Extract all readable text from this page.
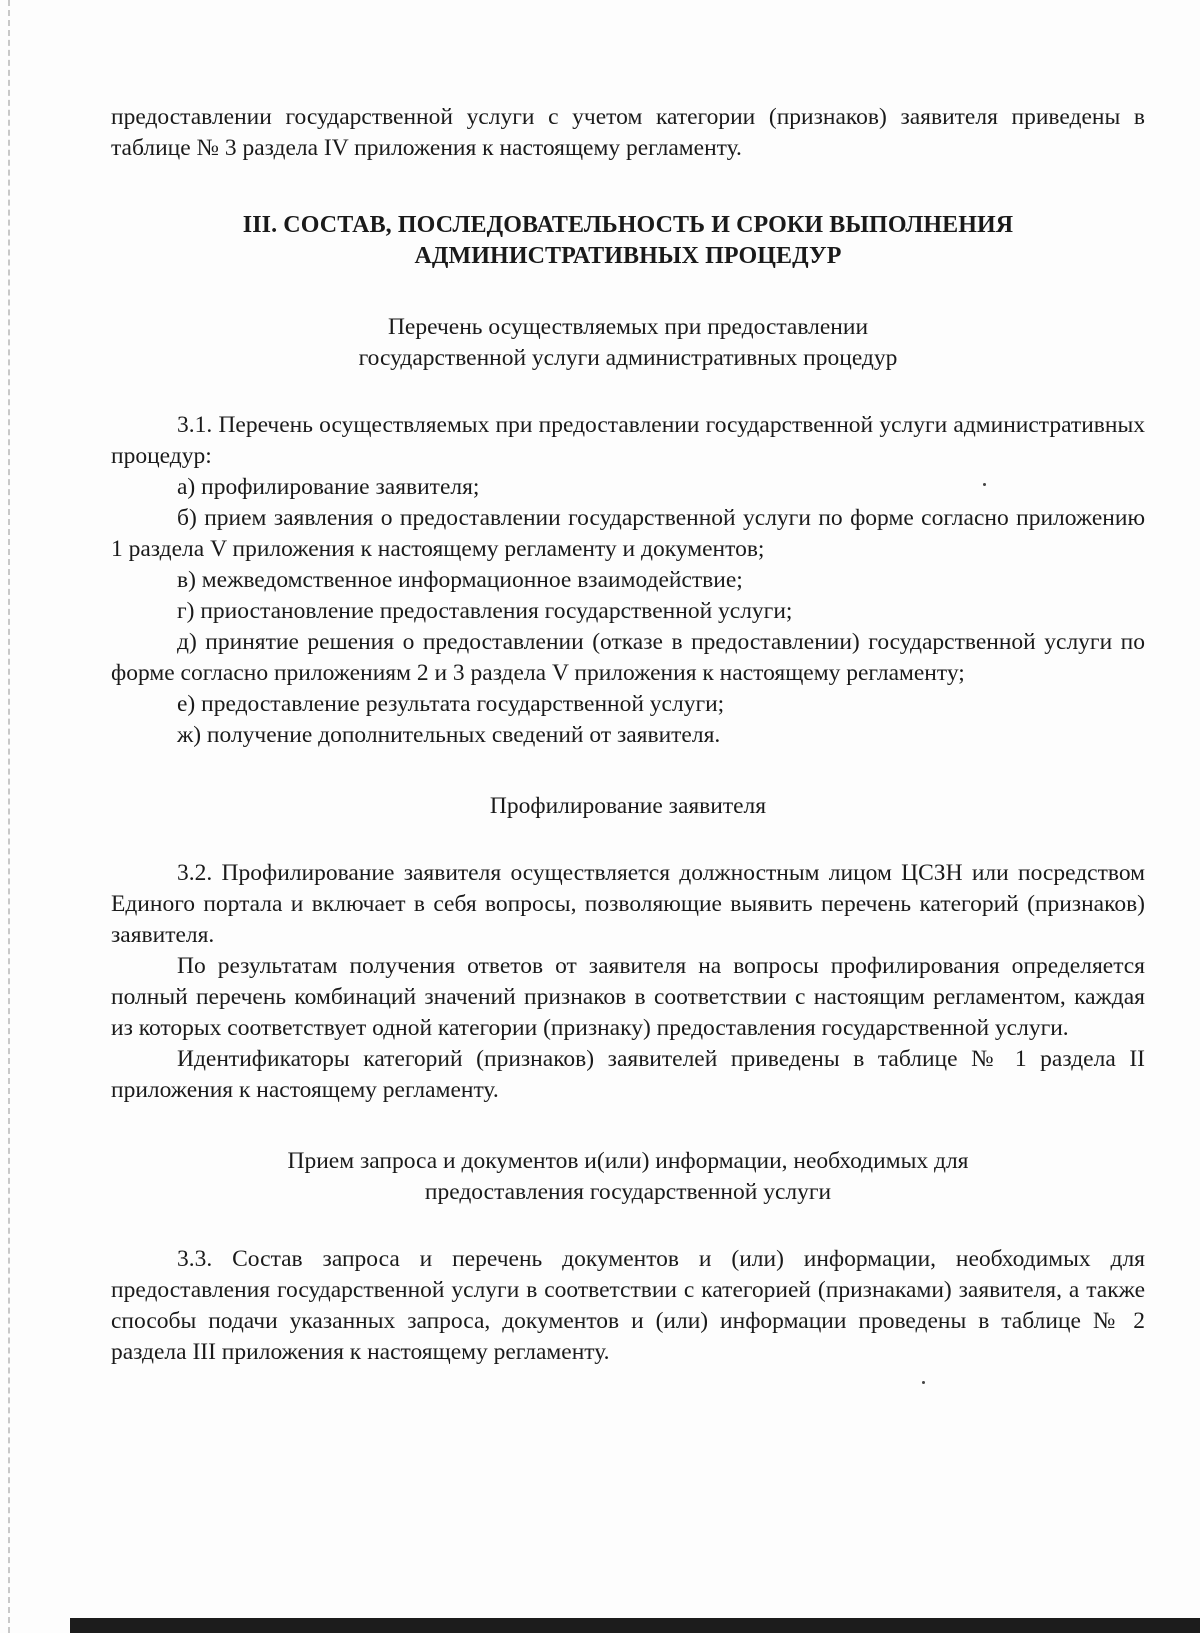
предоставлении государственной услуги с учетом категории (признаков) заявителя приведены в таблице № 3 раздела IV приложения к настоящему регламенту.

III. СОСТАВ, ПОСЛЕДОВАТЕЛЬНОСТЬ И СРОКИ ВЫПОЛНЕНИЯ
АДМИНИСТРАТИВНЫХ ПРОЦЕДУР
Перечень осуществляемых при предоставлении
государственной услуги административных процедур

3.1. Перечень осуществляемых при предоставлении государственной услуги административных процедур:

а) профилирование заявителя;

б) прием заявления о предоставлении государственной услуги по форме согласно приложению 1 раздела V приложения к настоящему регламенту и документов;

в) межведомственное информационное взаимодействие;

г) приостановление предоставления государственной услуги;

д) принятие решения о предоставлении (отказе в предоставлении) государственной услуги по форме согласно приложениям 2 и 3 раздела V приложения к настоящему регламенту;

е) предоставление результата государственной услуги;

ж) получение дополнительных сведений от заявителя.

Профилирование заявителя

3.2. Профилирование заявителя осуществляется должностным лицом ЦСЗН или посредством Единого портала и включает в себя вопросы, позволяющие выявить перечень категорий (признаков) заявителя.

По результатам получения ответов от заявителя на вопросы профилирования определяется полный перечень комбинаций значений признаков в соответствии с настоящим регламентом, каждая из которых соответствует одной категории (признаку) предоставления государственной услуги.

Идентификаторы категорий (признаков) заявителей приведены в таблице № 1 раздела II приложения к настоящему регламенту.

Прием запроса и документов и(или) информации, необходимых для
предоставления государственной услуги

3.3. Состав запроса и перечень документов и (или) информации, необходимых для предоставления государственной услуги в соответствии с категорией (признаками) заявителя, а также способы подачи указанных запроса, документов и (или) информации проведены в таблице № 2 раздела III приложения к настоящему регламенту.
